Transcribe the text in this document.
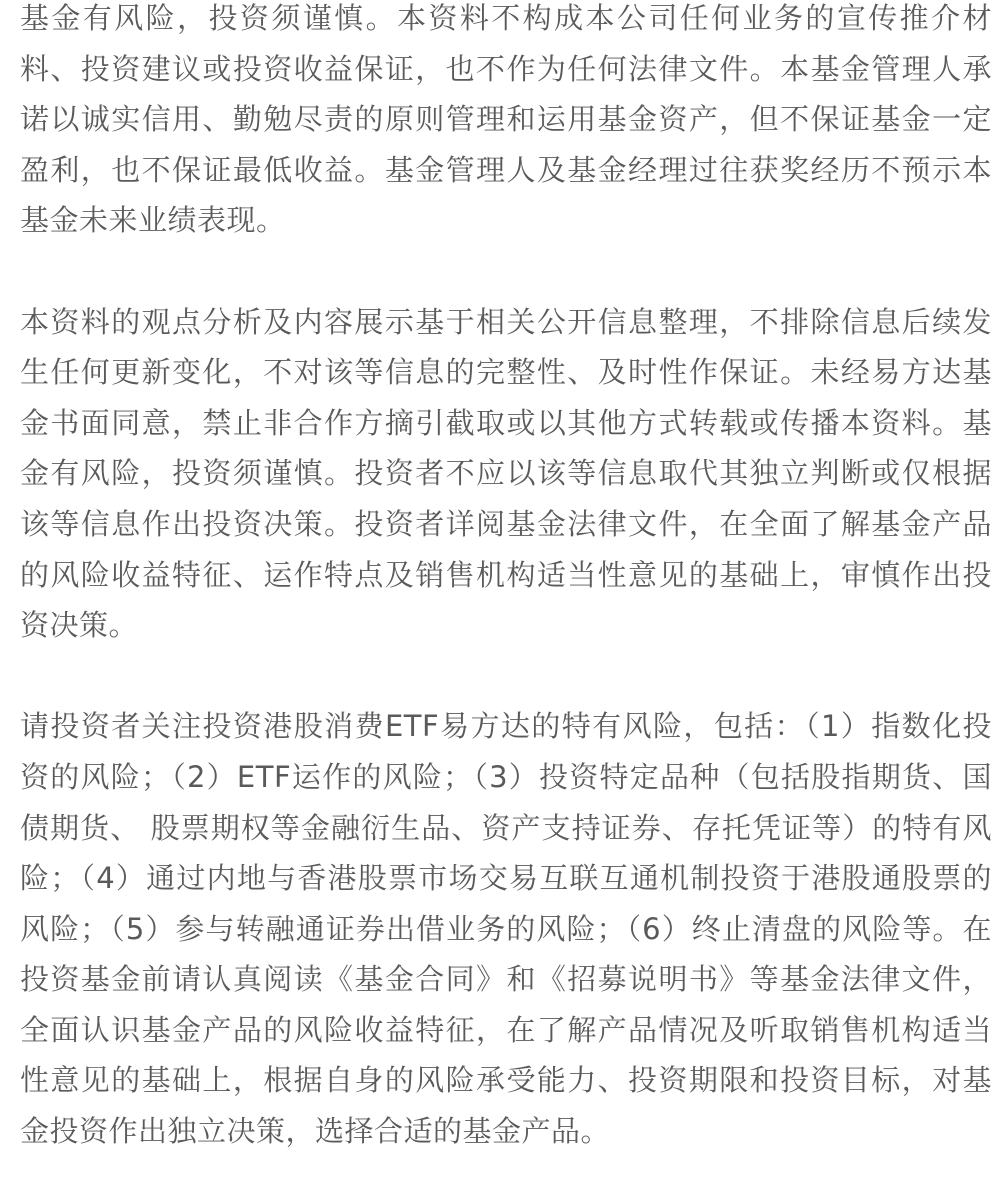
基金有风险，投资须谨慎。本资料不构成本公司任何业务的宣传推介材料、投资建议或投资收益保证，也不作为任何法律文件。本基金管理人承诺以诚实信用、勤勉尽责的原则管理和运用基金资产，但不保证基金一定盈利，也不保证最低收益。基金管理人及基金经理过往获奖经历不预示本基金未来业绩表现。

本资料的观点分析及内容展示基于相关公开信息整理，不排除信息后续发生任何更新变化，不对该等信息的完整性、及时性作保证。未经易方达基金书面同意，禁止非合作方摘引截取或以其他方式转载或传播本资料。基金有风险，投资须谨慎。投资者不应以该等信息取代其独立判断或仅根据该等信息作出投资决策。投资者详阅基金法律文件，在全面了解基金产品的风险收益特征、运作特点及销售机构适当性意见的基础上，审慎作出投资决策。

请投资者关注投资港股消费ETF易方达的特有风险，包括：（1）指数化投资的风险；（2）ETF运作的风险；（3）投资特定品种（包括股指期货、国债期货、 股票期权等金融衍生品、资产支持证券、存托凭证等）的特有风险；（4）通过内地与香港股票市场交易互联互通机制投资于港股通股票的风险；（5）参与转融通证券出借业务的风险；（6）终止清盘的风险等。在投资基金前请认真阅读《基金合同》和《招募说明书》等基金法律文件，全面认识基金产品的风险收益特征，在了解产品情况及听取销售机构适当性意见的基础上，根据自身的风险承受能力、投资期限和投资目标，对基金投资作出独立决策，选择合适的基金产品。
